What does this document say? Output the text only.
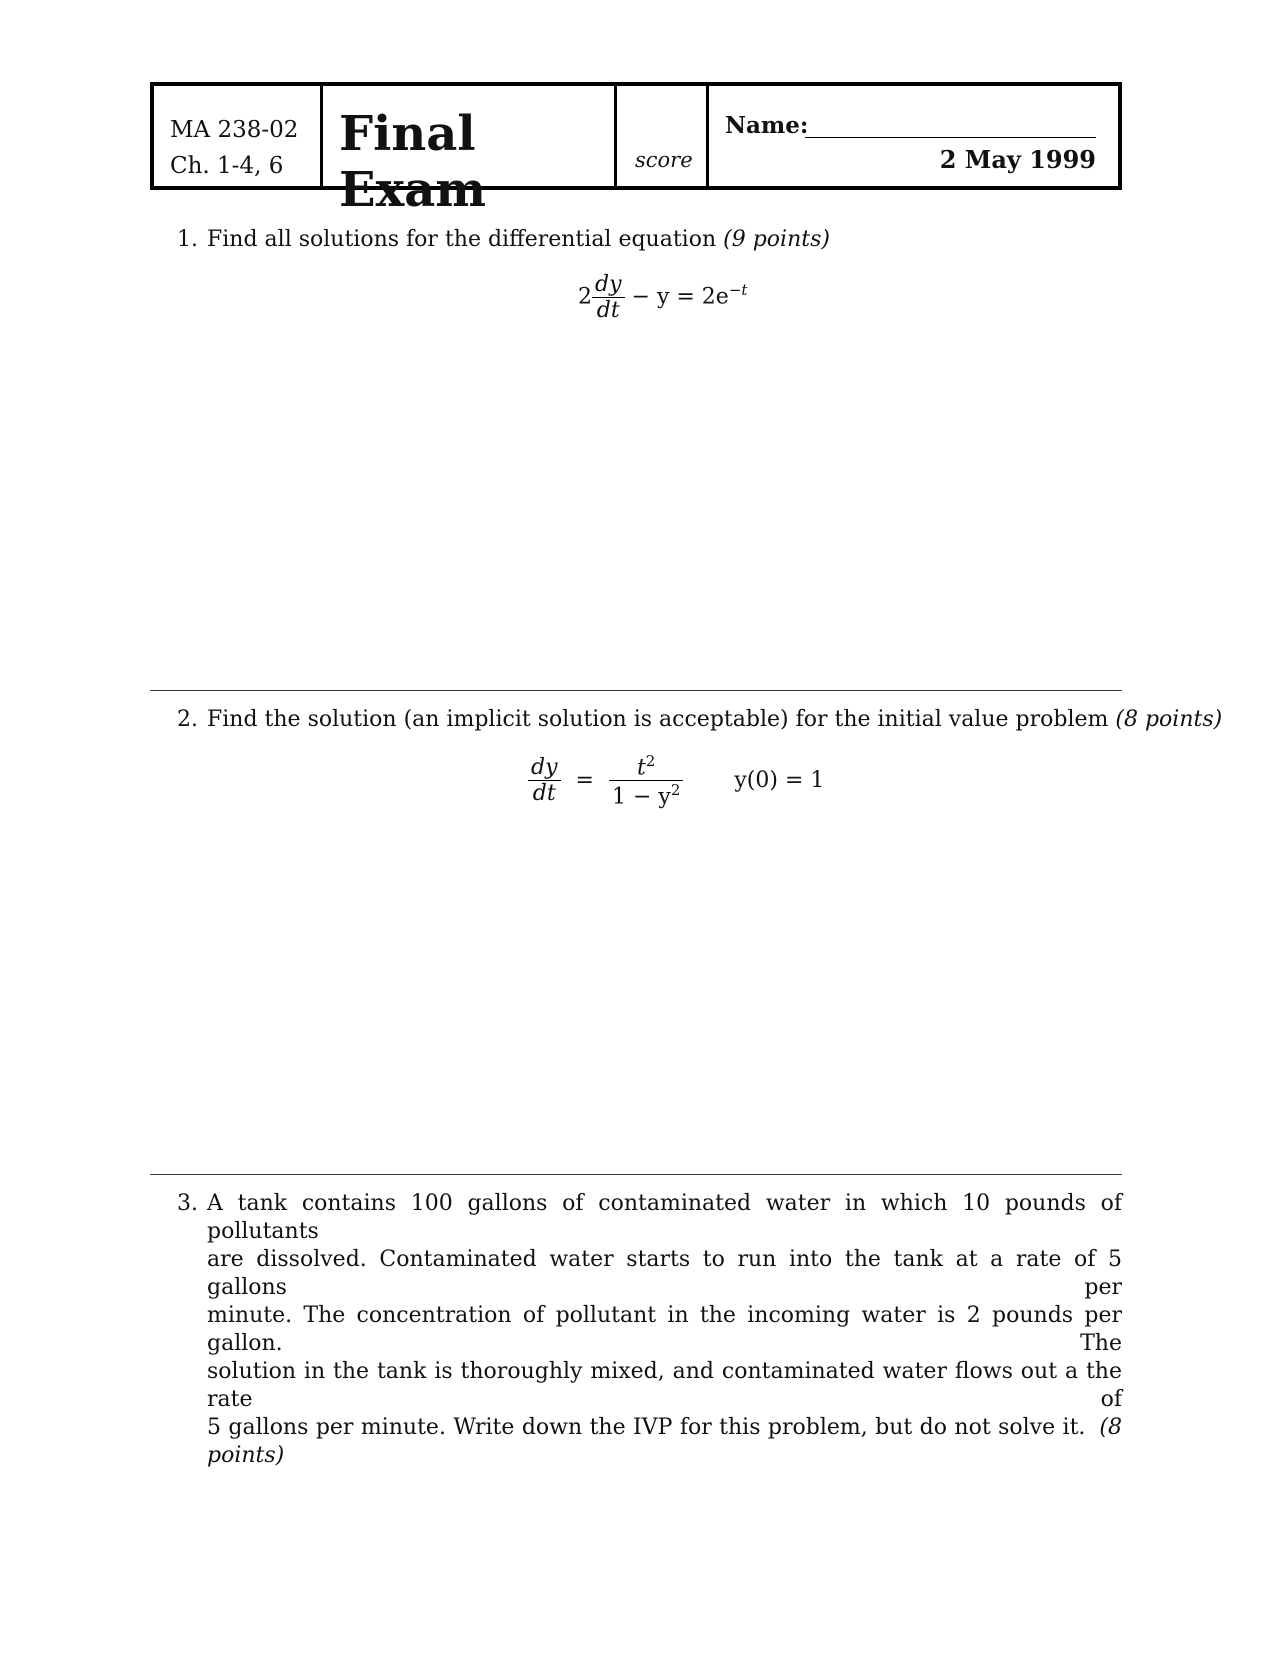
MA 238-02
Ch. 1-4, 6
Final Exam
score
Name:
2 May 1999
1. Find all solutions for the differential equation (9 points)
$2 \frac{dy}{dt} - y = 2e^{-t}$
2. Find the solution (an implicit solution is acceptable) for the initial value problem (8 points)
$\frac{dy}{dt} = \frac{t^2}{1 - y^2} y(0) = 1$
3. A tank contains 100 gallons of contaminated water in which 10 pounds of pollutants
are dissolved. Contaminated water starts to run into the tank at a rate of 5 gallons per
minute. The concentration of pollutant in the incoming water is 2 pounds per gallon. The
solution in the tank is thoroughly mixed, and contaminated water flows out a the rate of
5 gallons per minute. Write down the IVP for this problem, but do not solve it. (8 points)
